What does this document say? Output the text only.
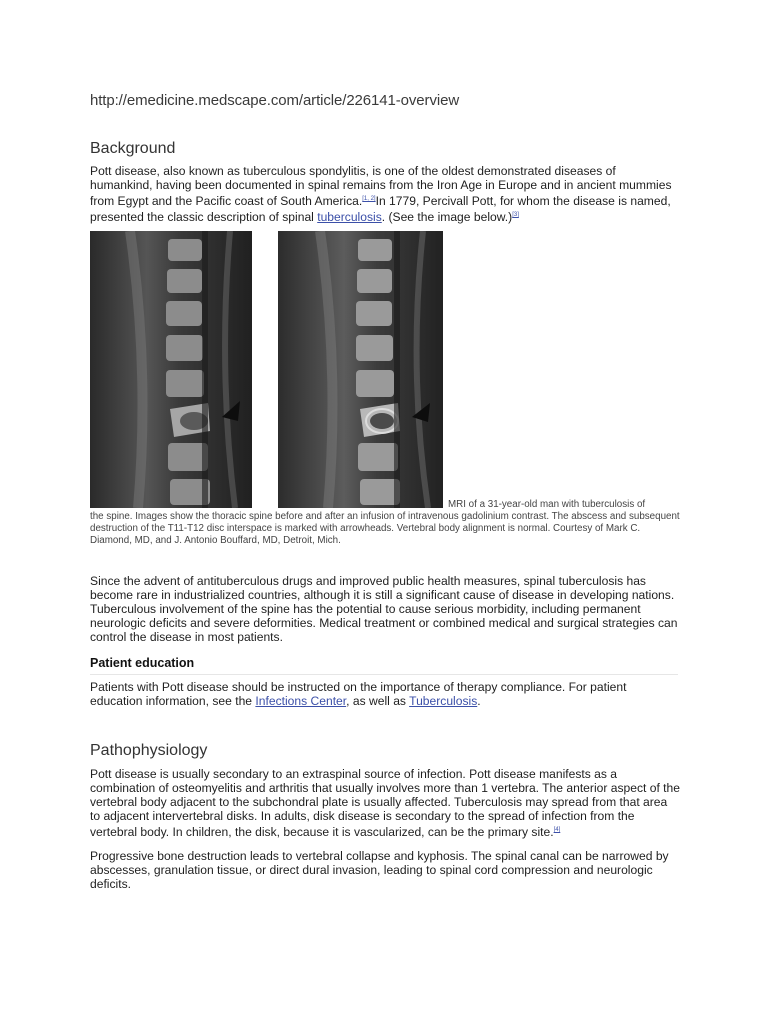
http://emedicine.medscape.com/article/226141-overview
Background
Pott disease, also known as tuberculous spondylitis, is one of the oldest demonstrated diseases of humankind, having been documented in spinal remains from the Iron Age in Europe and in ancient mummies from Egypt and the Pacific coast of South America.[1, 2]In 1779, Percivall Pott, for whom the disease is named, presented the classic description of spinal tuberculosis. (See the image below.)[3]
MRI of a 31-year-old man with tuberculosis of
the spine. Images show the thoracic spine before and after an infusion of intravenous gadolinium contrast. The abscess and subsequent destruction of the T11-T12 disc interspace is marked with arrowheads. Vertebral body alignment is normal. Courtesy of Mark C. Diamond, MD, and J. Antonio Bouffard, MD, Detroit, Mich.
Since the advent of antituberculous drugs and improved public health measures, spinal tuberculosis has become rare in industrialized countries, although it is still a significant cause of disease in developing nations. Tuberculous involvement of the spine has the potential to cause serious morbidity, including permanent neurologic deficits and severe deformities. Medical treatment or combined medical and surgical strategies can control the disease in most patients.
Patient education
Patients with Pott disease should be instructed on the importance of therapy compliance. For patient education information, see the Infections Center, as well as Tuberculosis.
Pathophysiology
Pott disease is usually secondary to an extraspinal source of infection. Pott disease manifests as a combination of osteomyelitis and arthritis that usually involves more than 1 vertebra. The anterior aspect of the vertebral body adjacent to the subchondral plate is usually affected. Tuberculosis may spread from that area to adjacent intervertebral disks. In adults, disk disease is secondary to the spread of infection from the vertebral body. In children, the disk, because it is vascularized, can be the primary site.[4]
Progressive bone destruction leads to vertebral collapse and kyphosis. The spinal canal can be narrowed by abscesses, granulation tissue, or direct dural invasion, leading to spinal cord compression and neurologic deficits.
